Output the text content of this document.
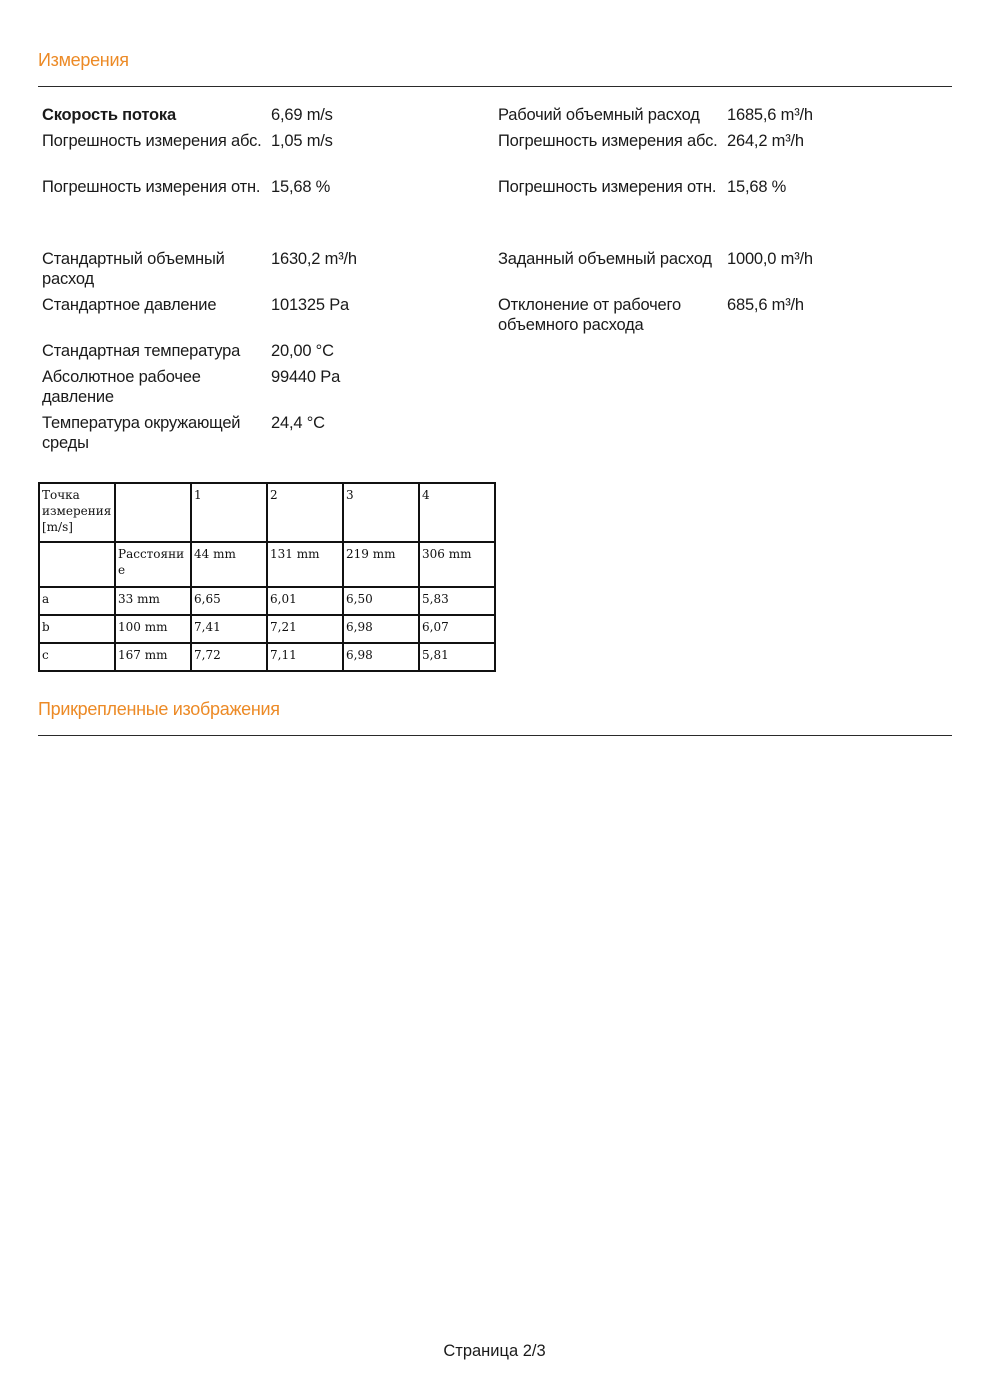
Измерения
Скорость потока	6,69 m/s
Погрешность измерения абс. 1,05 m/s
Погрешность измерения отн. 15,68 %
Стандартный объемный расход
1630,2 m³/h
Стандартное давление	101325 Pa
Стандартная температура	20,00 °C
Абсолютное рабочее давление
99440 Pa
Температура окружающей среды
24,4 °C
Рабочий объемный расход	1685,6 m³/h
Погрешность измерения абс. 264,2 m³/h
Погрешность измерения отн. 15,68 %
Заданный объемный расход 1000,0 m³/h
Отклонение от рабочего объемного расхода
685,6 m³/h
Точка измерения [m/s]		1	2	3	4
	Расстояни е	44 mm	131 mm	219 mm	306 mm
a	33 mm	6,65	6,01	6,50	5,83
b	100 mm	7,41	7,21	6,98	6,07
c	167 mm	7,72	7,11	6,98	5,81
Прикрепленные изображения
Страница 2/3
